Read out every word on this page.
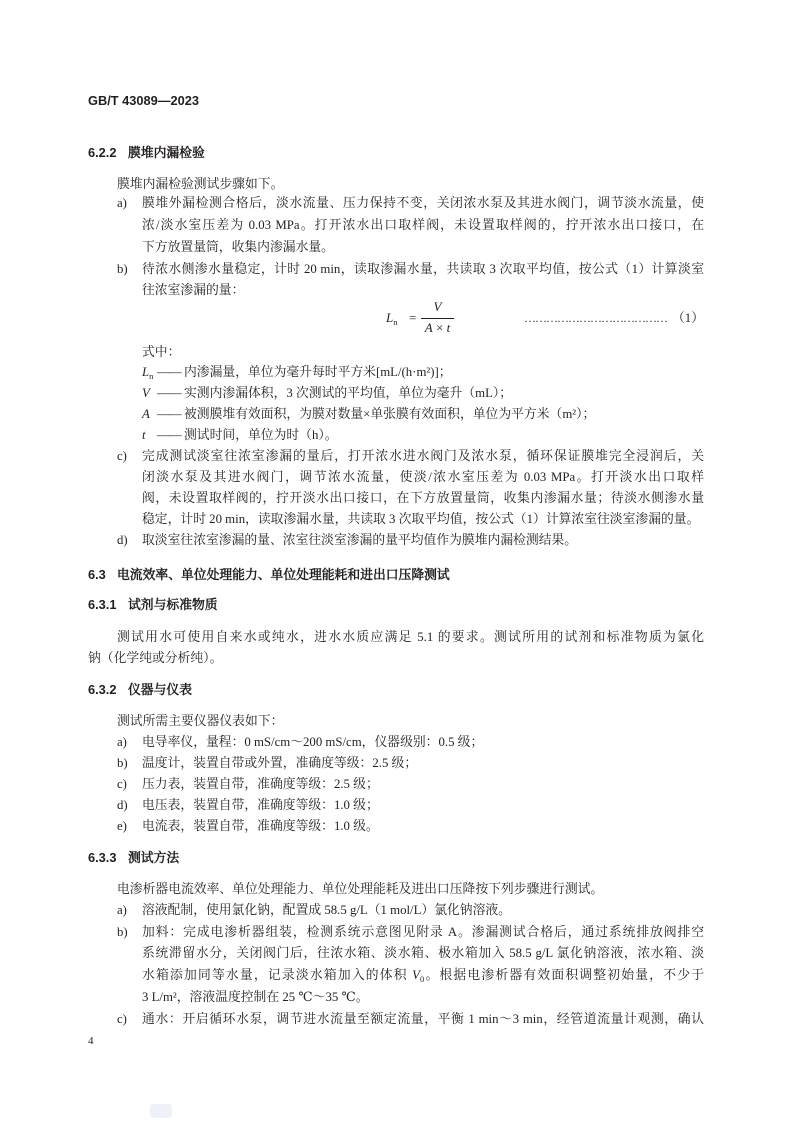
GB/T 43089—2023
6.2.2 膜堆内漏检验
膜堆内漏检验测试步骤如下。
a) 膜堆外漏检测合格后，淡水流量、压力保持不变，关闭浓水泵及其进水阀门，调节淡水流量，使
浓/淡水室压差为 0.03 MPa。打开浓水出口取样阀，未设置取样阀的，拧开浓水出口接口，在
下方放置量筒，收集内渗漏水量。
b) 待浓水侧渗水量稳定，计时 20 min，读取渗漏水量，共读取 3 次取平均值，按公式（1）计算淡室
往浓室渗漏的量：
$L_n$ =
V
A × t
………………………………… （1）
式中：
$L_n$ —— 内渗漏量，单位为毫升每时平方米[mL/(h·m²)]；
V —— 实测内渗漏体积，3 次测试的平均值，单位为毫升（mL）；
A —— 被测膜堆有效面积，为膜对数量×单张膜有效面积，单位为平方米（m²）；
t —— 测试时间，单位为时（h）。
c) 完成测试淡室往浓室渗漏的量后，打开浓水进水阀门及浓水泵，循环保证膜堆完全浸润后，关
闭淡水泵及其进水阀门，调节浓水流量，使淡/浓水室压差为 0.03 MPa。打开淡水出口取样
阀，未设置取样阀的，拧开淡水出口接口，在下方放置量筒，收集内渗漏水量；待淡水侧渗水量
稳定，计时 20 min，读取渗漏水量，共读取 3 次取平均值，按公式（1）计算浓室往淡室渗漏的量。
d) 取淡室往浓室渗漏的量、浓室往淡室渗漏的量平均值作为膜堆内漏检测结果。
6.3 电流效率、单位处理能力、单位处理能耗和进出口压降测试
6.3.1 试剂与标准物质
测试用水可使用自来水或纯水，进水水质应满足 5.1 的要求。测试所用的试剂和标准物质为氯化
钠（化学纯或分析纯）。
6.3.2 仪器与仪表
测试所需主要仪器仪表如下：
a) 电导率仪，量程：0 mS/cm～200 mS/cm，仪器级别：0.5 级；
b) 温度计，装置自带或外置，准确度等级：2.5 级；
c) 压力表，装置自带，准确度等级：2.5 级；
d) 电压表，装置自带，准确度等级：1.0 级；
e) 电流表，装置自带，准确度等级：1.0 级。
6.3.3 测试方法
电渗析器电流效率、单位处理能力、单位处理能耗及进出口压降按下列步骤进行测试。
a) 溶液配制，使用氯化钠，配置成 58.5 g/L（1 mol/L）氯化钠溶液。
b) 加料：完成电渗析器组装，检测系统示意图见附录 A。渗漏测试合格后，通过系统排放阀排空
系统滞留水分，关闭阀门后，往浓水箱、淡水箱、极水箱加入 58.5 g/L 氯化钠溶液，浓水箱、淡
水箱添加同等水量，记录淡水箱加入的体积 $V_0$。根据电渗析器有效面积调整初始量，不少于
3 L/m²，溶液温度控制在 25 ℃～35 ℃。
c) 通水：开启循环水泵，调节进水流量至额定流量，平衡 1 min～3 min，经管道流量计观测，确认
4
